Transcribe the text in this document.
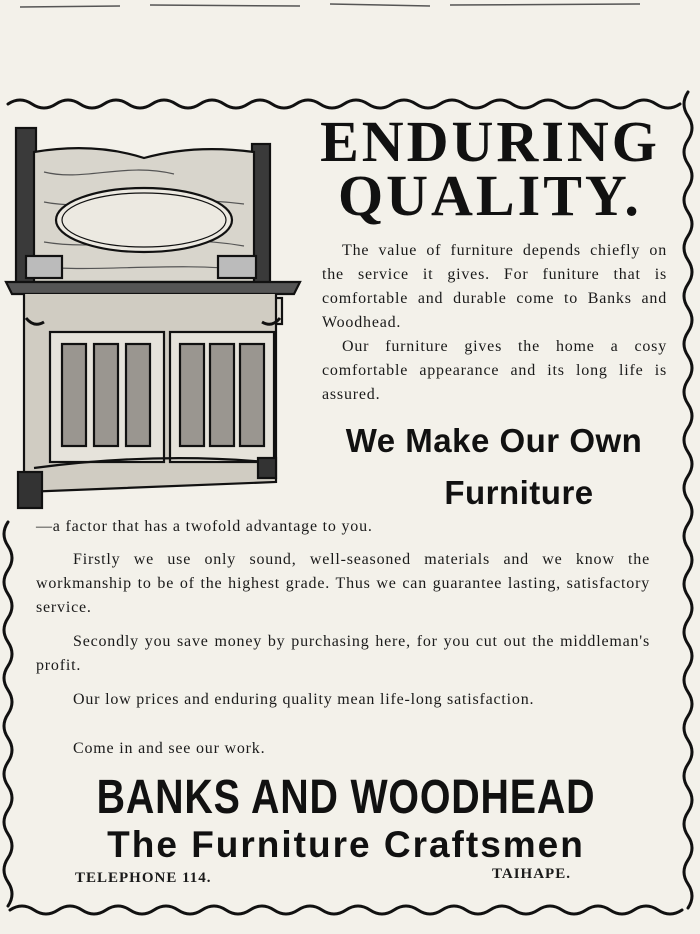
ENDURING
QUALITY.

The value of furniture depends chiefly on the service it gives. For funiture that is comfortable and durable come to Banks and Woodhead.

Our furniture gives the home a cosy comfortable appearance and its long life is assured.

We Make Our Own
Furniture

—a factor that has a twofold advantage to you.

Firstly we use only sound, well-seasoned materials and we know the workmanship to be of the highest grade. Thus we can guarantee lasting, satisfactory service.

Secondly you save money by purchasing here, for you cut out the middleman's profit.

Our low prices and enduring quality mean life-long satisfaction.

Come in and see our work.

BANKS AND WOODHEAD
The Furniture Craftsmen
TELEPHONE 114.	TAIHAPE.
